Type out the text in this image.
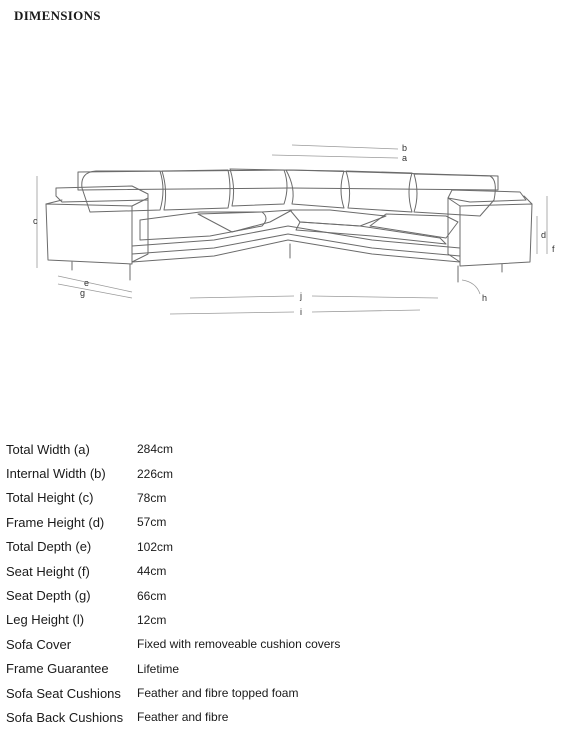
DIMENSIONS
b
a
c
d
f
e
g	j
i
h
Total Width (a)	284cm
Internal Width (b)	226cm
Total Height (c)	78cm
Frame Height (d)	57cm
Total Depth (e)	102cm
Seat Height (f)	44cm
Seat Depth (g)	66cm
Leg Height (l)	12cm
Sofa Cover	Fixed with removeable cushion covers
Frame Guarantee	Lifetime
Sofa Seat Cushions	Feather and fibre topped foam
Sofa Back Cushions	Feather and fibre
